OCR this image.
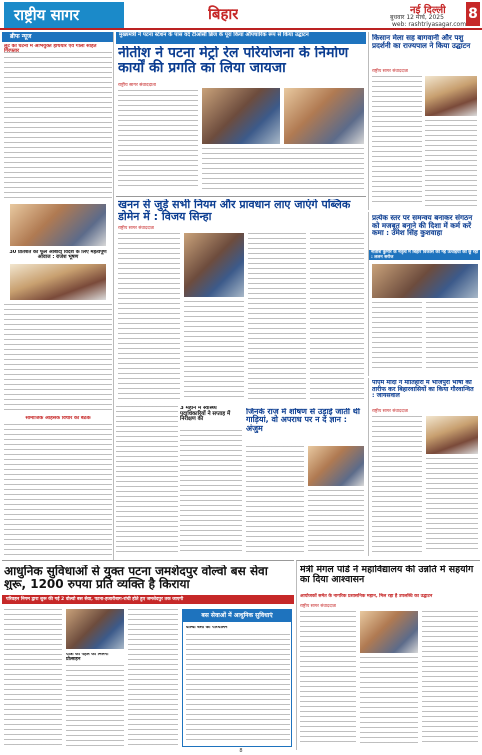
राष्ट्रीय सागर	बिहार	नई दिल्ली
बुधवार 12 मार्च, 2025
web: rashtriyasagar.com
8
ब्रीफ न्यूज
लूट की घटना में अभियुक्त हथियार एवं गोली सहित
30 प्रतिशत की फूल आबादी विदेश के लिए महत्वपूर्ण आवाज : राजेश भूषण
सामाजिक अहिंसक विचार की बैठक
मुख्यमंत्री ने पटना स्टेशन के पास वर्द टीओसी ब्रिज के पूरा किया औपचारिक रूप से किया उद्घाटन
नीतीश ने पटना मेट्रो रेल परियोजना के निर्माण कार्यों की प्रगति का लिया जायजा
राष्ट्रीय सागर संवाददाता
किसान मेला सह बागवानी और पशु प्रदर्शनी का राज्यपाल ने किया उद्घाटन
राष्ट्रीय सागर संवाददाता
खनन से जुड़े सभी नियम और प्रावधान लाए जाएंगे पब्लिक डोमेन में : विजय सिन्हा
राष्ट्रीय सागर संवाददाता
प्रत्येक स्तर पर समन्वय बनाकर संगठन को मजबूत बनाने की दिशा में कर्म करें कमा : उमेश सिंह कुशवाहा
नीतीश कुमार के नेतृत्व में बिहार विकास की नई ऊंचाइयों को छू रहा : ललन सरोज
3 महीने में स्वास्थ्य पदाधिकारियों ने सप्ताह में निरीक्षण की
जिनके राज में शोषण से उड़ाई जाती थी गाड़ियां, वो अपराध पर न दें ज्ञान : अंजुम
पीएम मोदी ने मोतिहारी में भोजपुरी भाषा की तारीफ कर बिहारवासियों का किया गौरवान्वित : जायसवाल
राष्ट्रीय सागर संवाददाता
आधुनिक सुविधाओं से युक्त पटना जमशेदपुर वोल्वो बस सेवा शुरू, 1200 रुपया प्रति व्यक्ति है किराया
परिवहन निगम द्वारा शुरू की गई 2 वोल्वो बस सेवा, पटना-हजारीबाग-रांची होते हुए जमशेदपुर तक जाएगी
यात्री की पहल को मिलेगा प्रोत्साहन
बस सेवाओं में आधुनिक सुविधाएं
वोल्वो बसों का परिचालन
मंत्री मंगल पांडे ने महाविद्यालय की उन्नति में सहयोग का दिया आश्वासन
आयोजकों समेत के नागरिक प्रशासनिक महान, मिल रहा है उपलब्धि का उद्घाटन
राष्ट्रीय सागर संवाददाता
8
